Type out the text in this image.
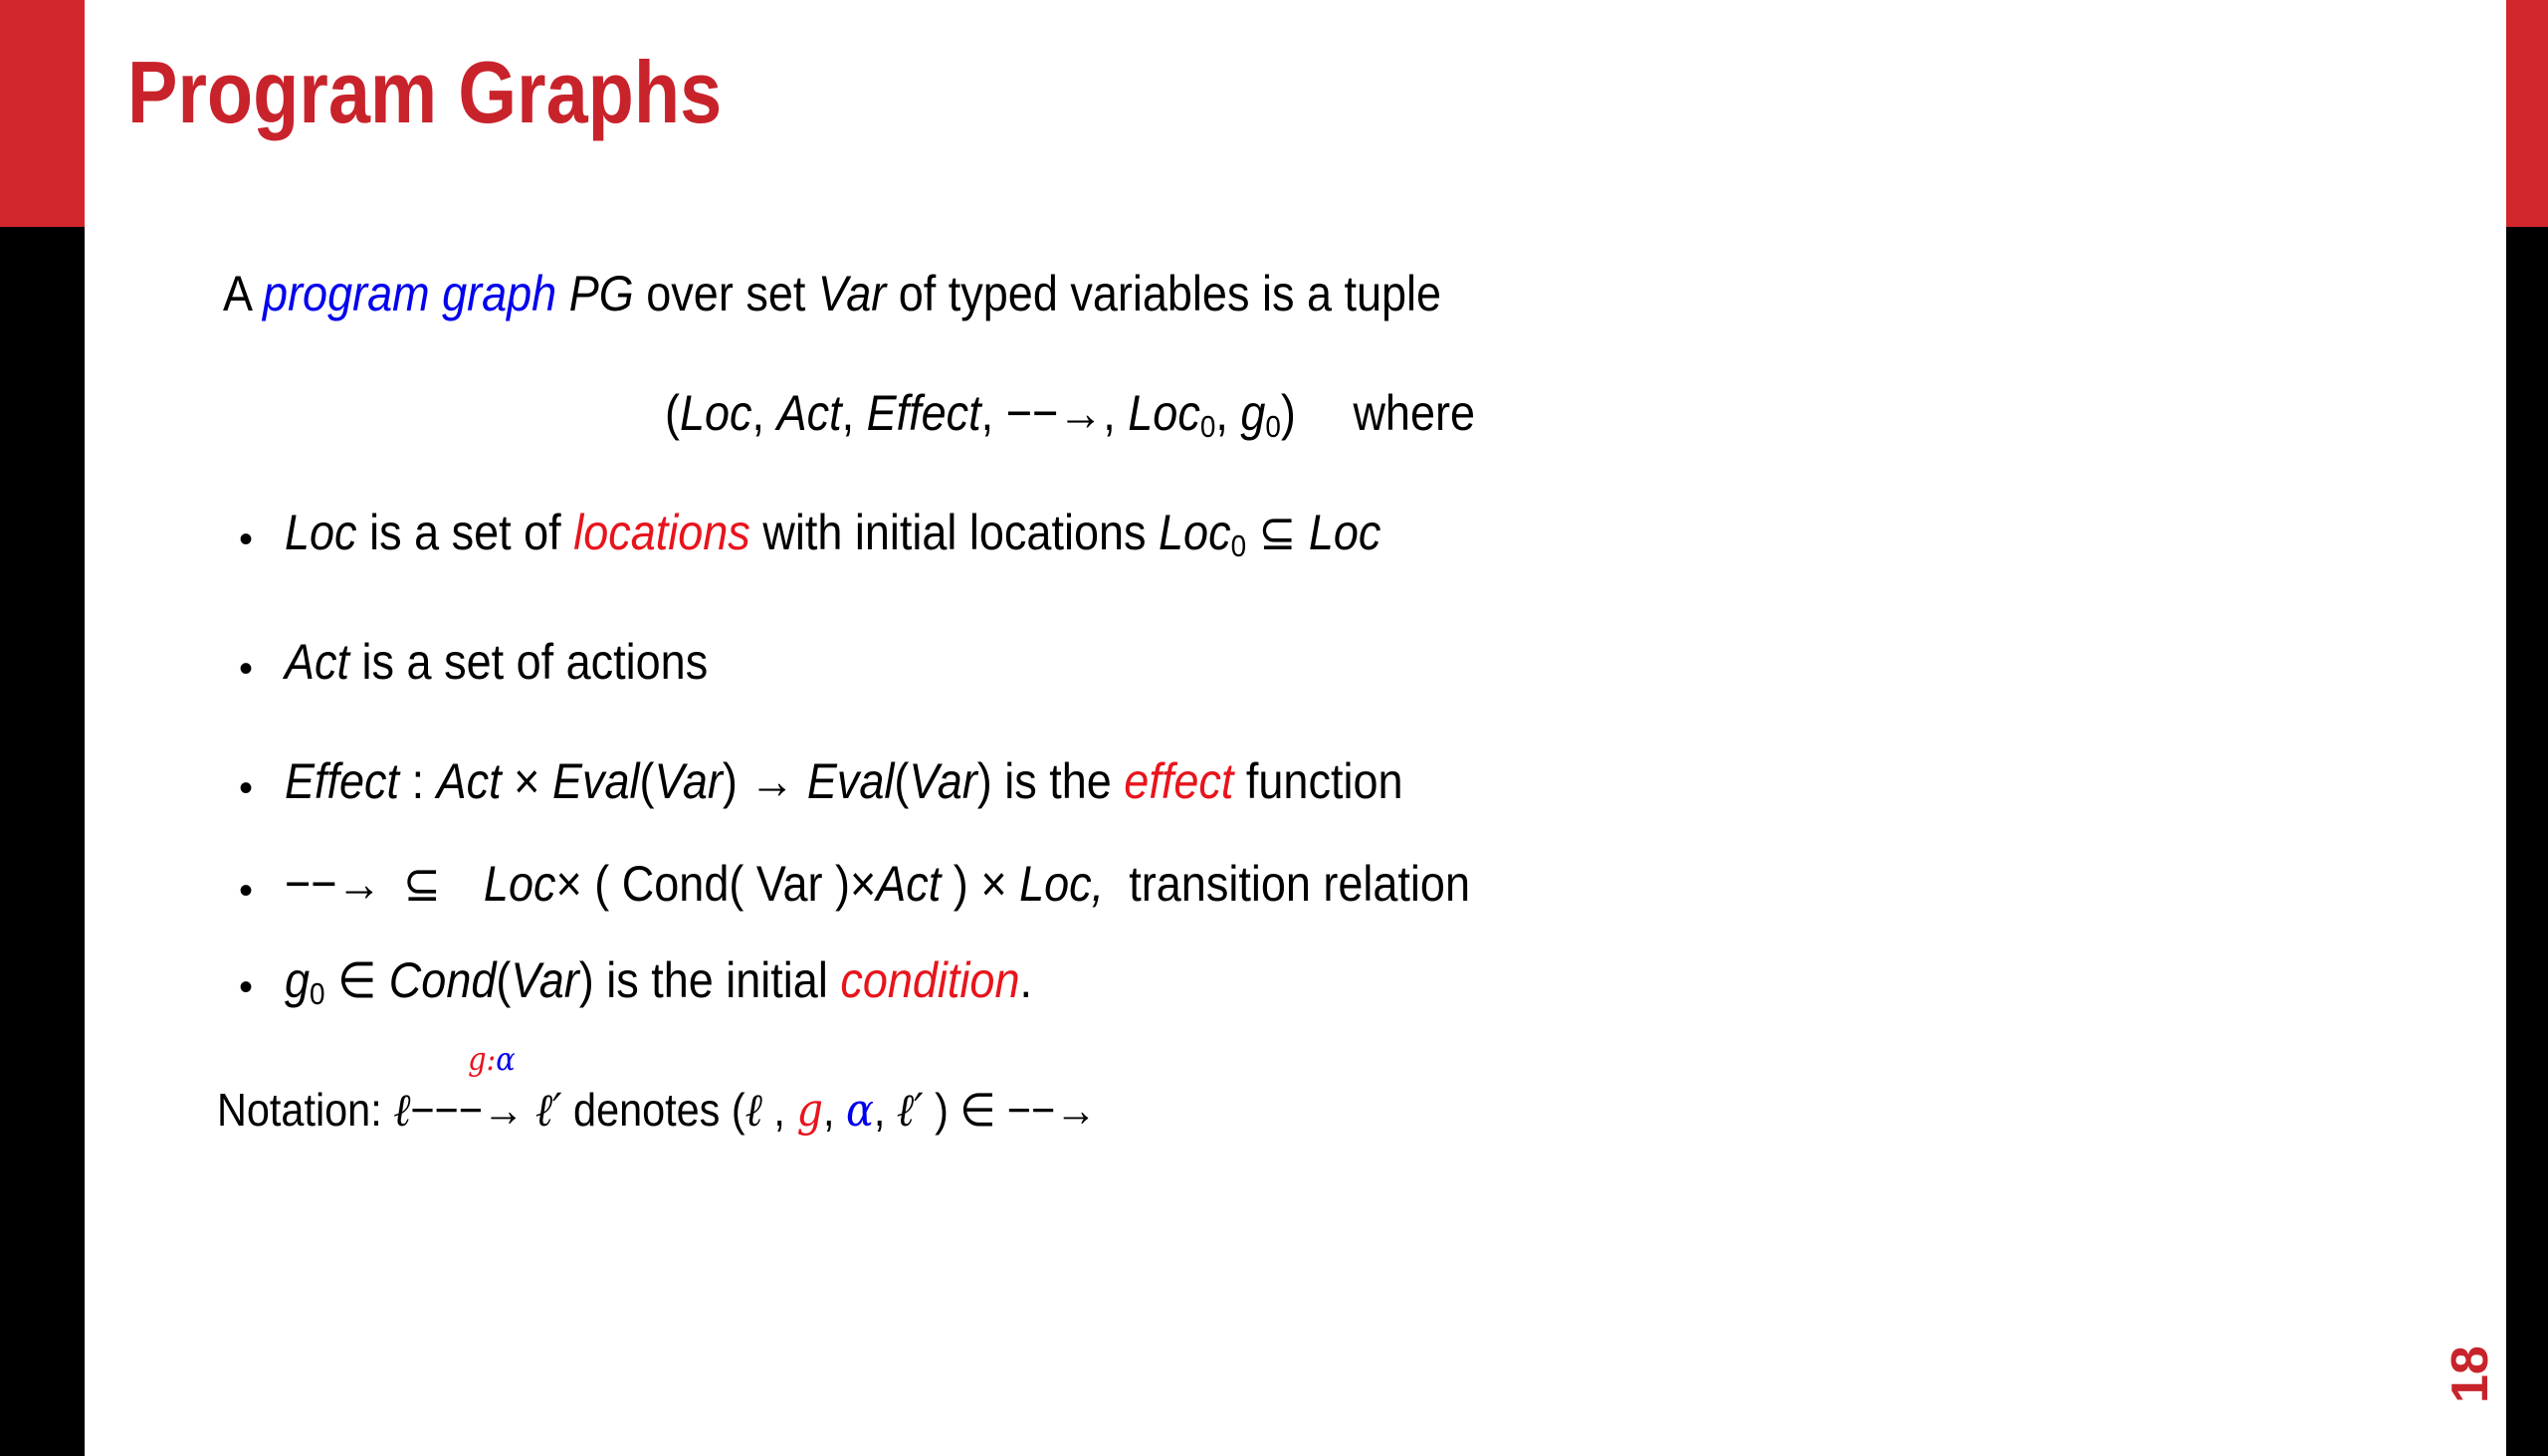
Program Graphs
A program graph PG over set Var of typed variables is a tuple
(Loc, Act, Effect, −−→, Loc$_0$, $g_0$) where
• Loc is a set of locations with initial locations Loc$_0$ ⊆ Loc
• Act is a set of actions
• Effect : Act × Eval(Var) → Eval(Var) is the effect function
• −−→ ⊆ Loc× ( Cond( Var )×Act ) × Loc, transition relation
• $g_0$ ∈ Cond(Var) is the initial condition.
Notation: ℓ
g:α
−−−→ ℓ′ denotes (ℓ , g, α, ℓ′ ) ∈ −−→
18
